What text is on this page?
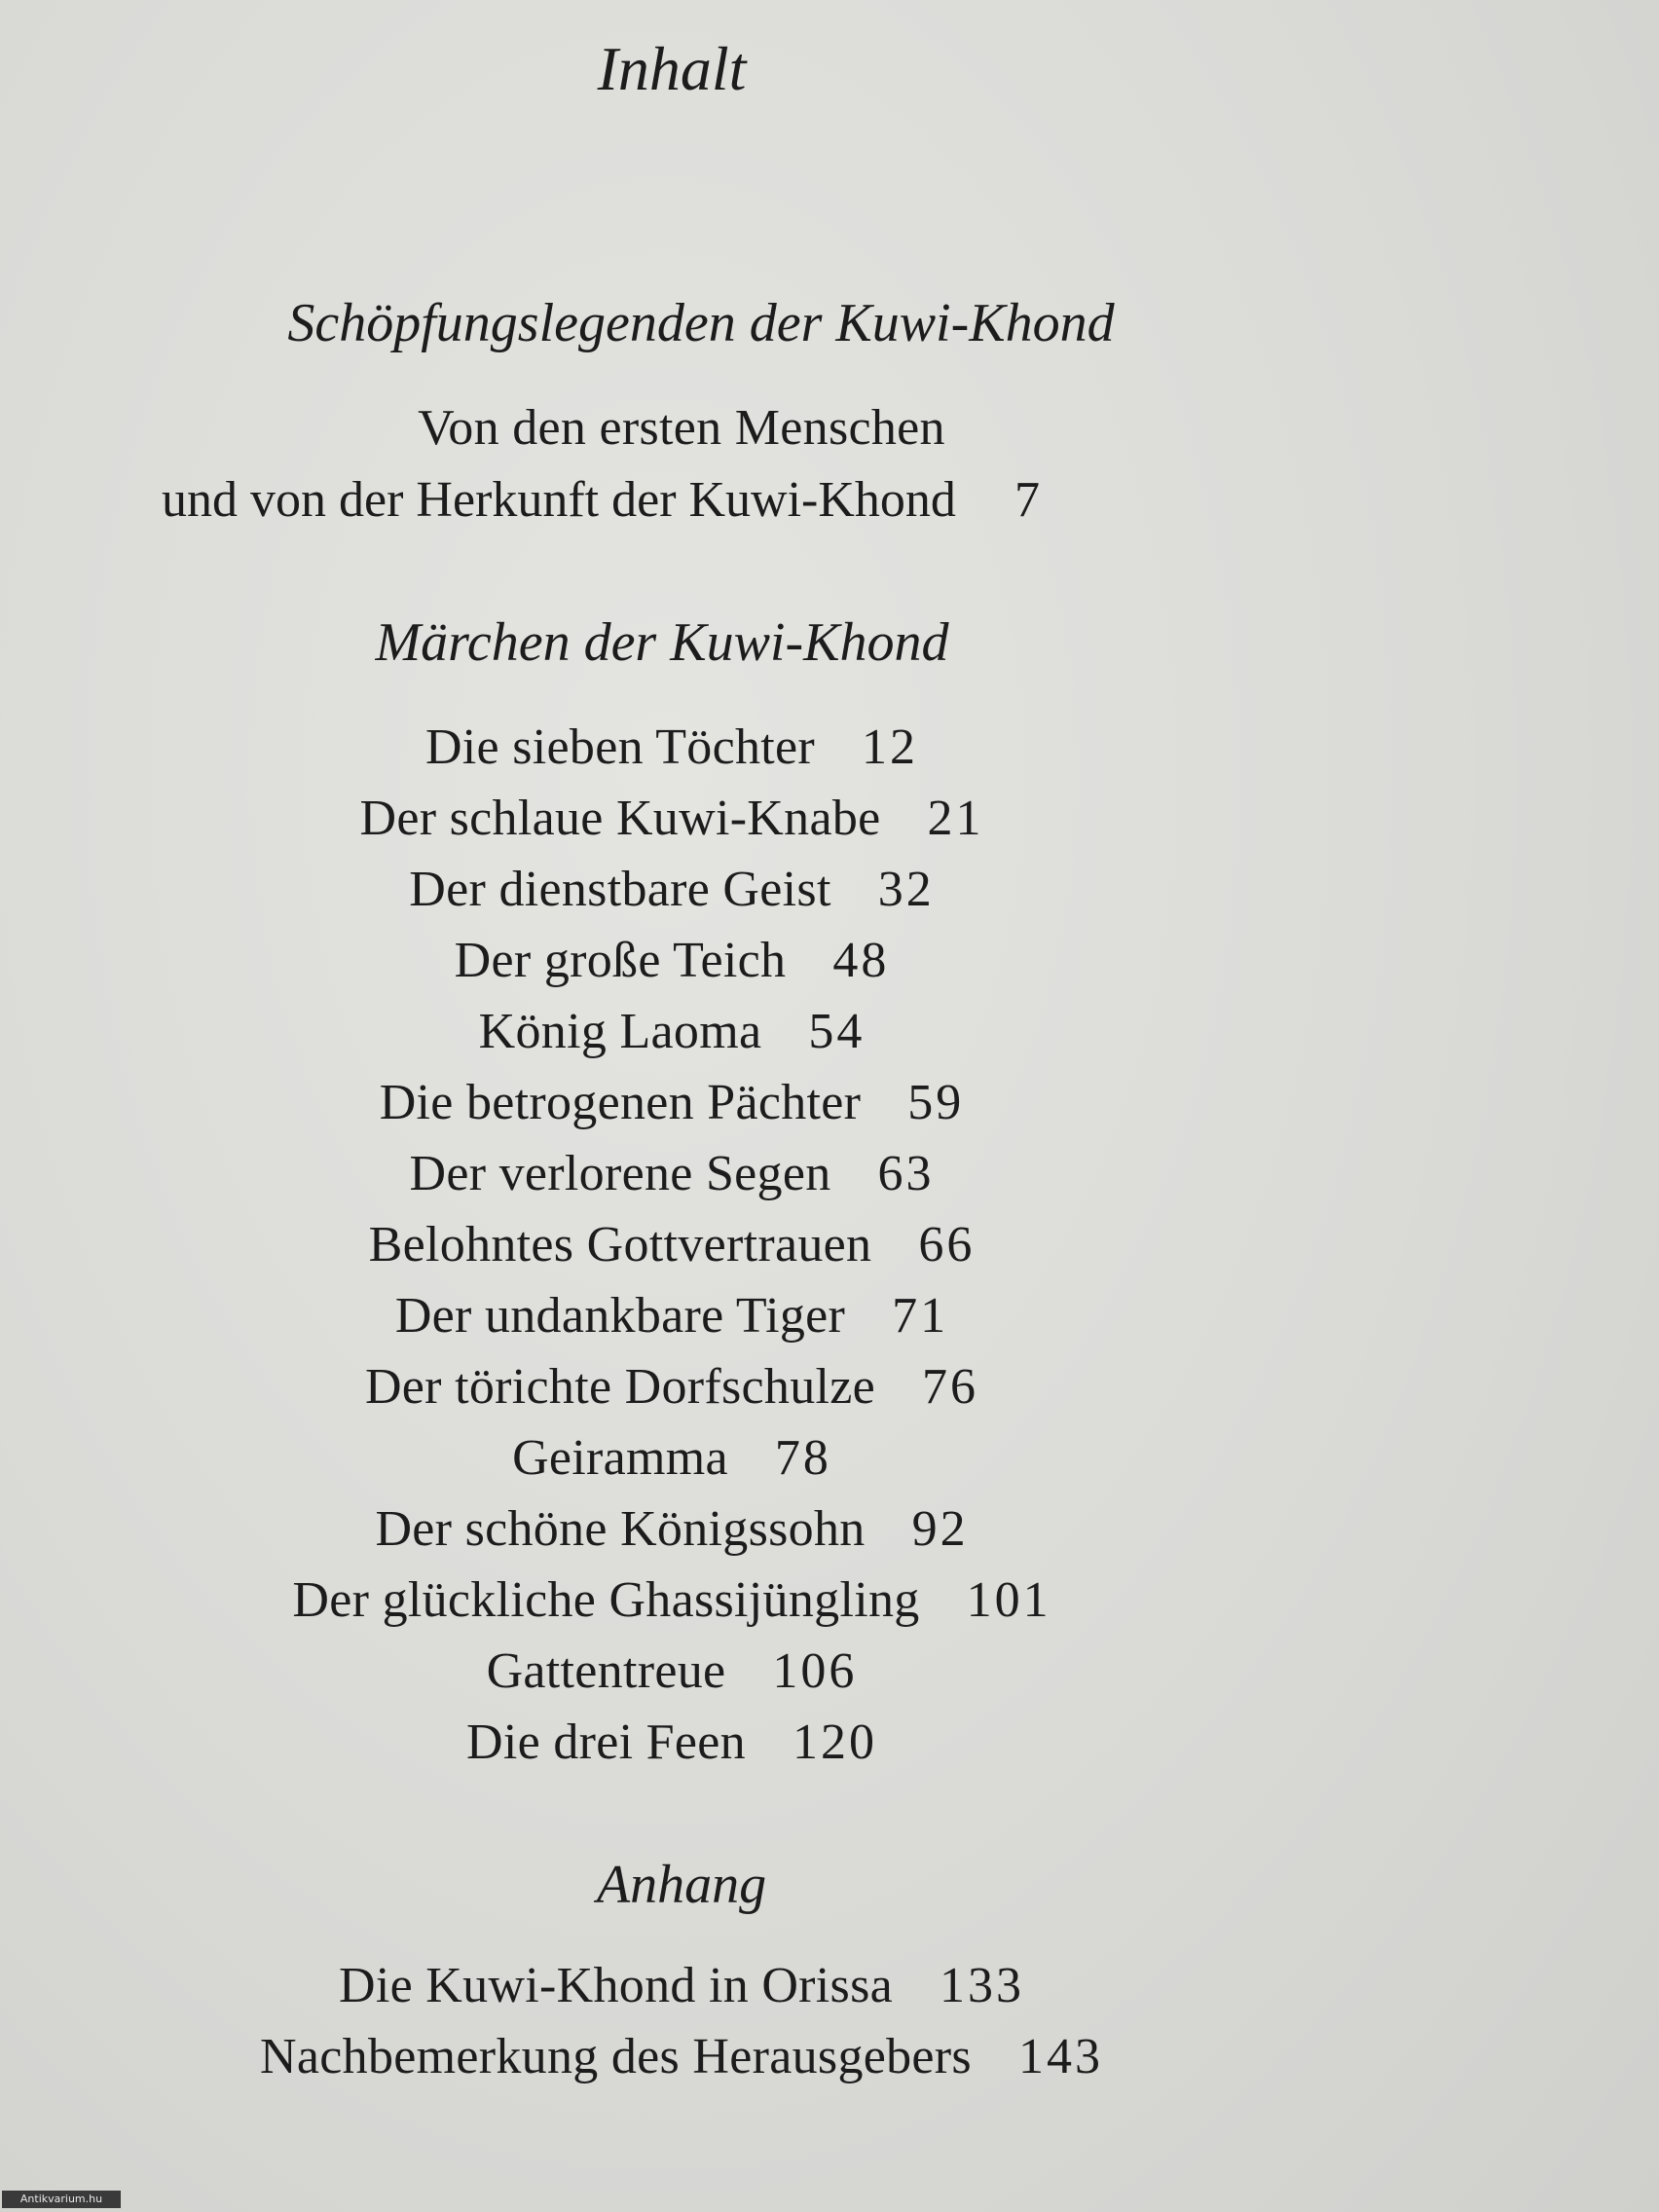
Inhalt
Schöpfungslegenden der Kuwi-Khond
Von den ersten Menschen
und von der Herkunft der Kuwi-Khond 7
Märchen der Kuwi-Khond
Die sieben Töchter 12
Der schlaue Kuwi-Knabe 21
Der dienstbare Geist 32
Der große Teich 48
König Laoma 54
Die betrogenen Pächter 59
Der verlorene Segen 63
Belohntes Gottvertrauen 66
Der undankbare Tiger 71
Der törichte Dorfschulze 76
Geiramma 78
Der schöne Königssohn 92
Der glückliche Ghassijüngling 101
Gattentreue 106
Die drei Feen 120
Anhang
Die Kuwi-Khond in Orissa 133
Nachbemerkung des Herausgebers 143
Antikvarium.hu
